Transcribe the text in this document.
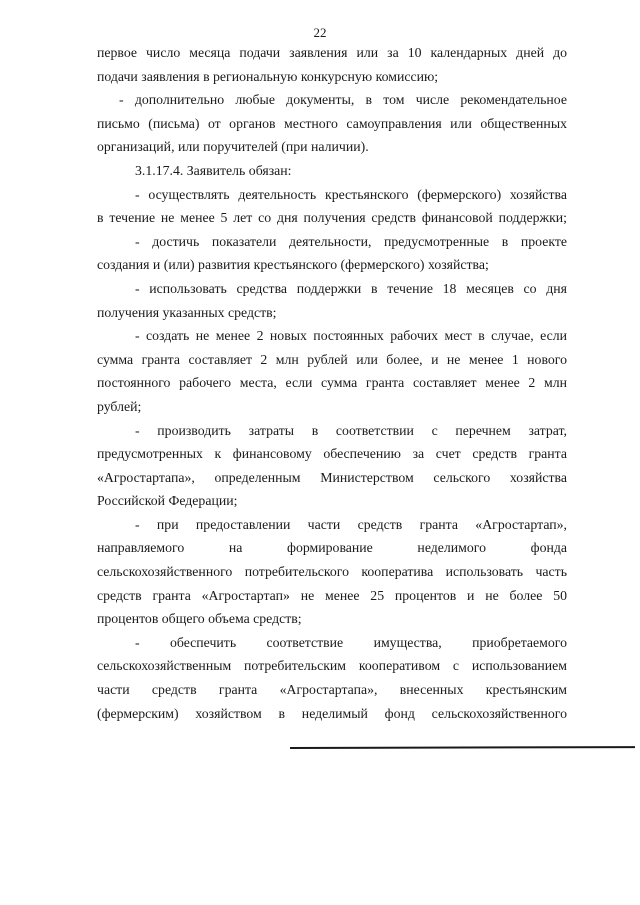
22
первое число месяца подачи заявления или за 10 календарных дней до
подачи заявления в региональную конкурсную комиссию;
- дополнительно любые документы, в том числе рекомендательное
письмо (письма) от органов местного самоуправления или общественных
организаций, или поручителей (при наличии).
3.1.17.4. Заявитель обязан:
- осуществлять деятельность крестьянского (фермерского) хозяйства
в течение не менее 5 лет со дня получения средств финансовой поддержки;
- достичь показатели деятельности, предусмотренные в проекте
создания и (или) развития крестьянского (фермерского) хозяйства;
- использовать средства поддержки в течение 18 месяцев со дня
получения указанных средств;
- создать не менее 2 новых постоянных рабочих мест в случае, если
сумма гранта составляет 2 млн рублей или более, и не менее 1 нового
постоянного рабочего места, если сумма гранта составляет менее 2 млн
рублей;
- производить затраты в соответствии с перечнем затрат,
предусмотренных к финансовому обеспечению за счет средств гранта
«Агростартапа», определенным Министерством сельского хозяйства
Российской Федерации;
- при предоставлении части средств гранта «Агростартап»,
направляемого на формирование неделимого фонда
сельскохозяйственного потребительского кооператива использовать часть
средств гранта «Агростартап» не менее 25 процентов и не более 50
процентов общего объема средств;
- обеспечить соответствие имущества, приобретаемого
сельскохозяйственным потребительским кооперативом с использованием
части средств гранта «Агростартапа», внесенных крестьянским
(фермерским) хозяйством в неделимый фонд сельскохозяйственного
